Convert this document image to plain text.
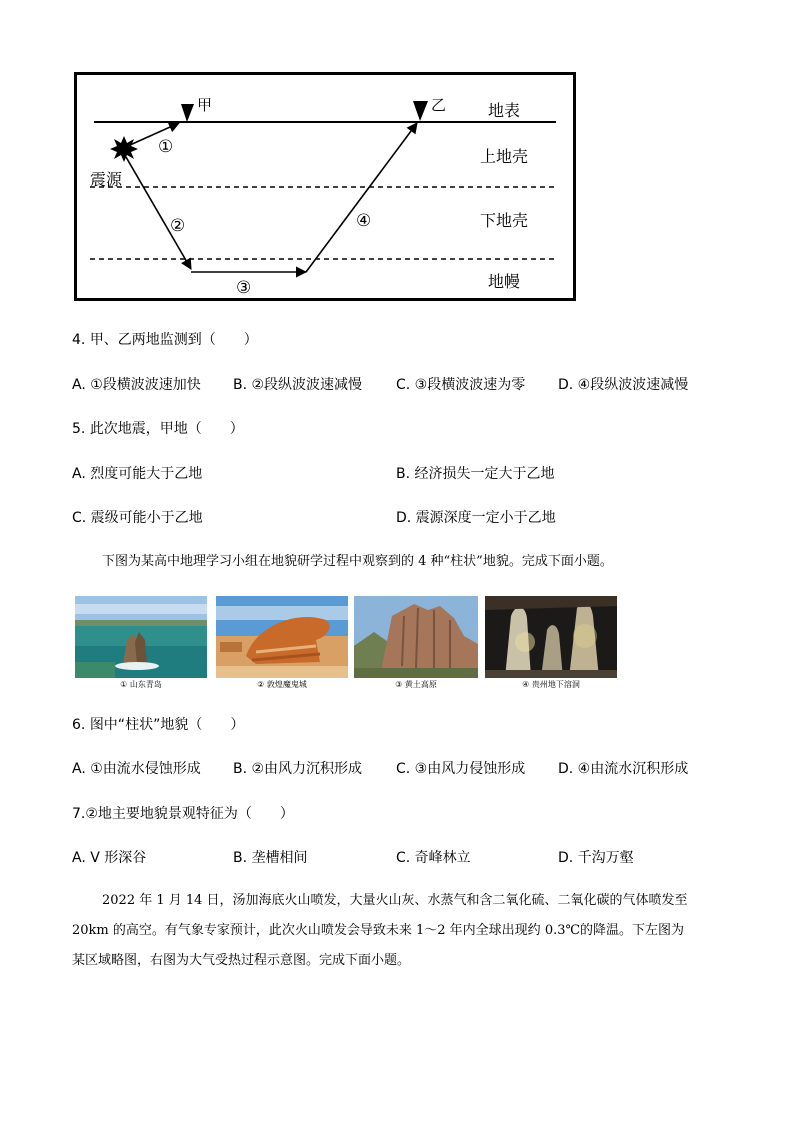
甲	乙
震源
地表
上地壳
下地壳
地幔
①
②
③
④
4. 甲、乙两地监测到（　　）
A. ①段横波波速加快 B. ②段纵波波速减慢 C. ③段横波波速为零 D. ④段纵波波速减慢
5. 此次地震，甲地（　　）
A. 烈度可能大于乙地	B. 经济损失一定大于乙地
C. 震级可能小于乙地	D. 震源深度一定小于乙地
下图为某高中地理学习小组在地貌研学过程中观察到的 4 种“柱状”地貌。完成下面小题。
① 山东青岛	② 敦煌魔鬼城	③ 黄土高原	④ 贵州地下溶洞
6. 图中“柱状”地貌（　　）
A. ①由流水侵蚀形成 B. ②由风力沉积形成 C. ③由风力侵蚀形成 D. ④由流水沉积形成
7.②地主要地貌景观特征为（　　）
A. V 形深谷	B. 垄槽相间	C. 奇峰林立	D. 千沟万壑
2022 年 1 月 14 日，汤加海底火山喷发，大量火山灰、水蒸气和含二氧化硫、二氧化碳的气体喷发至
20km 的高空。有气象专家预计，此次火山喷发会导致未来 1～2 年内全球出现约 0.3℃的降温。下左图为
某区域略图，右图为大气受热过程示意图。完成下面小题。
